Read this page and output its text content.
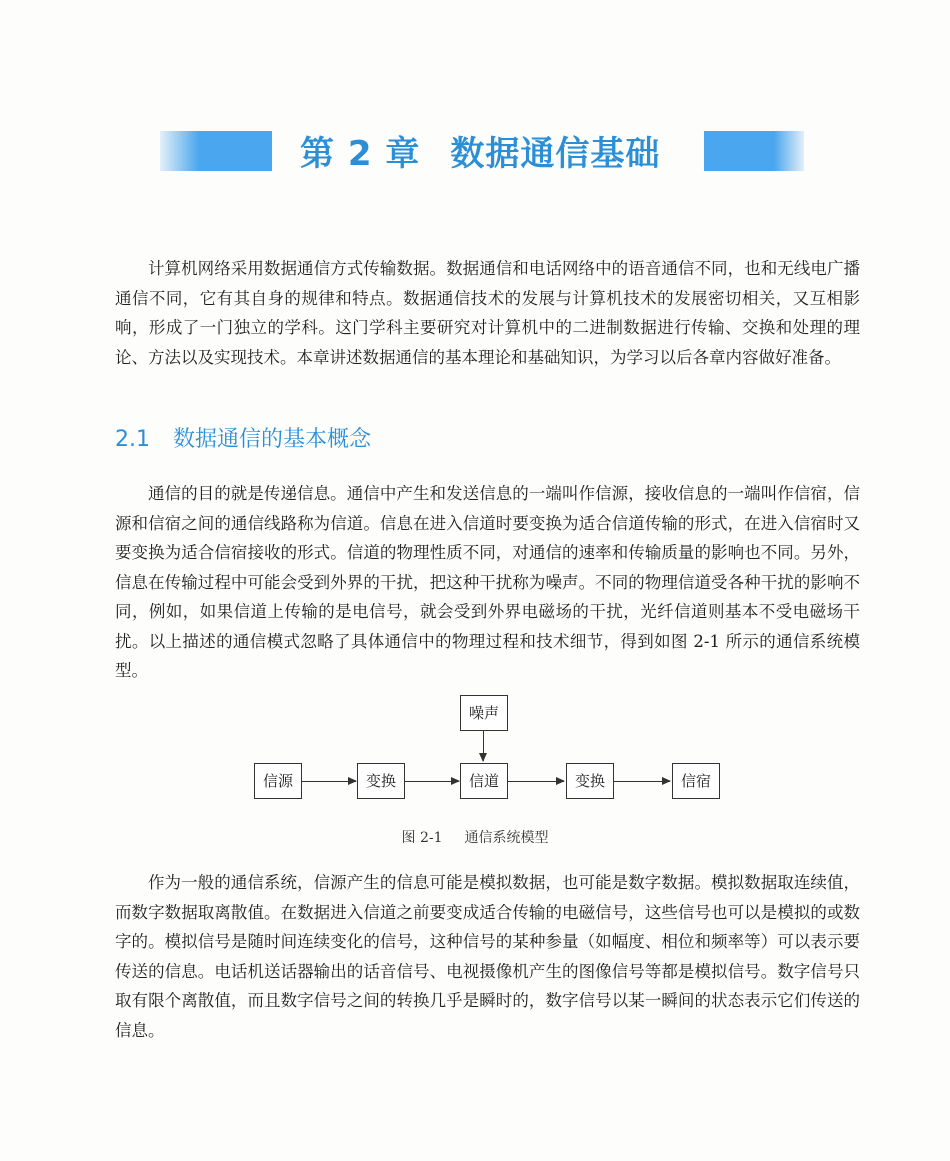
第 2 章 数据通信基础

计算机网络采用数据通信方式传输数据。数据通信和电话网络中的语音通信不同，也和无线电广播通信不同，它有其自身的规律和特点。数据通信技术的发展与计算机技术的发展密切相关，又互相影响，形成了一门独立的学科。这门学科主要研究对计算机中的二进制数据进行传输、交换和处理的理论、方法以及实现技术。本章讲述数据通信的基本理论和基础知识，为学习以后各章内容做好准备。

2.1 数据通信的基本概念

通信的目的就是传递信息。通信中产生和发送信息的一端叫作信源，接收信息的一端叫作信宿，信源和信宿之间的通信线路称为信道。信息在进入信道时要变换为适合信道传输的形式，在进入信宿时又要变换为适合信宿接收的形式。信道的物理性质不同，对通信的速率和传输质量的影响也不同。另外，信息在传输过程中可能会受到外界的干扰，把这种干扰称为噪声。不同的物理信道受各种干扰的影响不同，例如，如果信道上传输的是电信号，就会受到外界电磁场的干扰，光纤信道则基本不受电磁场干扰。以上描述的通信模式忽略了具体通信中的物理过程和技术细节，得到如图 2-1 所示的通信系统模型。

噪声
信源	变换	信道	变换	信宿
图 2-1 通信系统模型

作为一般的通信系统，信源产生的信息可能是模拟数据，也可能是数字数据。模拟数据取连续值，而数字数据取离散值。在数据进入信道之前要变成适合传输的电磁信号，这些信号也可以是模拟的或数字的。模拟信号是随时间连续变化的信号，这种信号的某种参量（如幅度、相位和频率等）可以表示要传送的信息。电话机送话器输出的话音信号、电视摄像机产生的图像信号等都是模拟信号。数字信号只取有限个离散值，而且数字信号之间的转换几乎是瞬时的，数字信号以某一瞬间的状态表示它们传送的信息。
